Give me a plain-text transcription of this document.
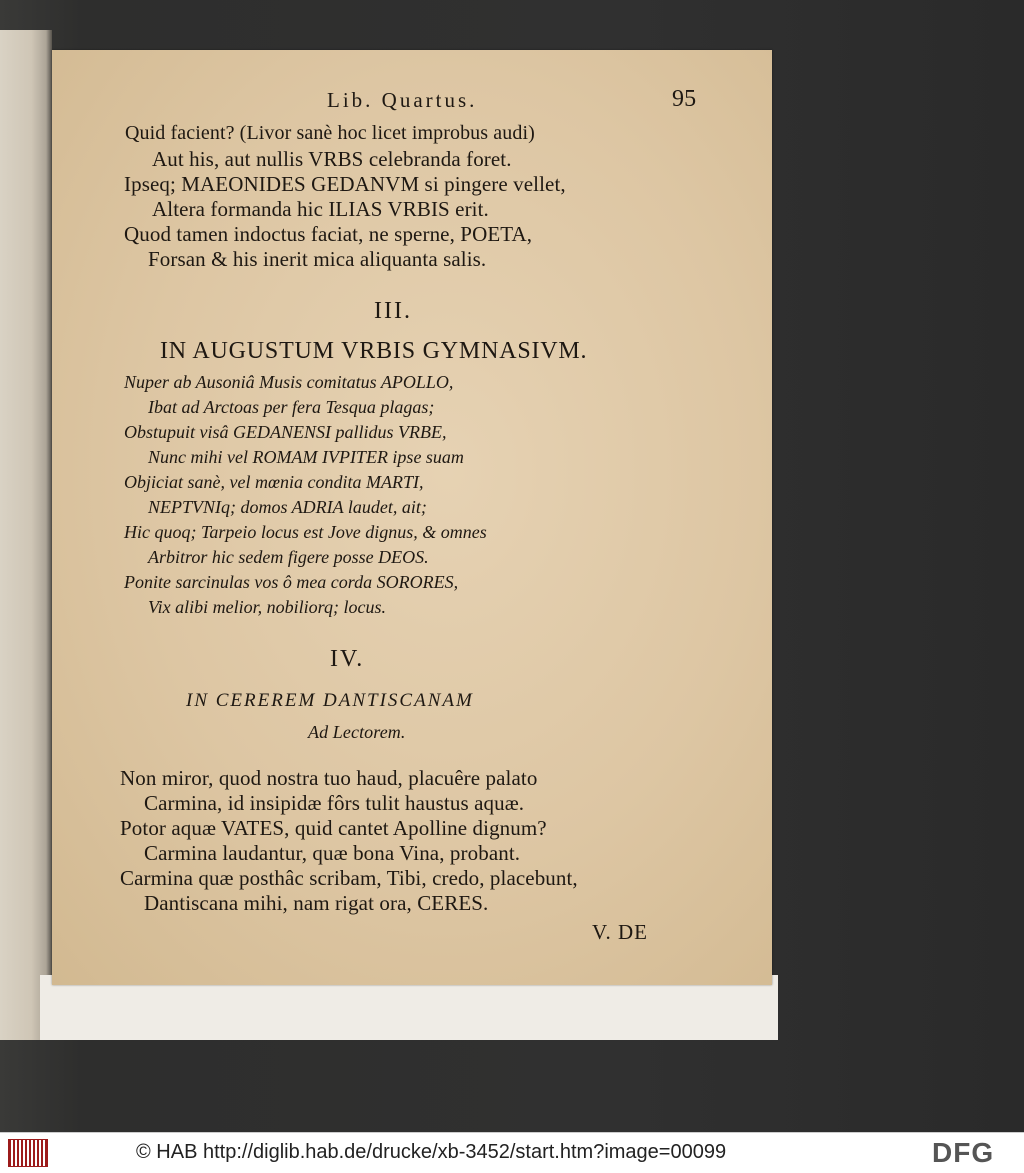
Lib. Quartus.	95
Quid facient? (Livor sanè hoc licet improbus audi)
Aut his, aut nullis VRBS celebranda foret.
Ipseq; MAEONIDES GEDANVM si pingere vellet,
Altera formanda hic ILIAS VRBIS erit.
Quod tamen indoctus faciat, ne sperne, POETA,
Forsan & his inerit mica aliquanta salis.
III.
IN AUGUSTUM VRBIS GYMNASIVM.
Nuper ab Ausoniâ Musis comitatus APOLLO,
Ibat ad Arctoas per fera Tesqua plagas;
Obstupuit visâ GEDANENSI pallidus VRBE,
Nunc mihi vel ROMAM IVPITER ipse suam
Objiciat sanè, vel mœnia condita MARTI,
NEPTVNIq; domos ADRIA laudet, ait;
Hic quoq; Tarpeio locus est Jove dignus, & omnes
Arbitror hic sedem figere posse DEOS.
Ponite sarcinulas vos ô mea corda SORORES,
Vix alibi melior, nobiliorq; locus.
IV.
IN CEREREM DANTISCANAM
Ad Lectorem.
Non miror, quod nostra tuo haud, placuêre palato
Carmina, id insipidæ fôrs tulit haustus aquæ.
Potor aquæ VATES, quid cantet Apolline dignum?
Carmina laudantur, quæ bona Vina, probant.
Carmina quæ posthâc scribam, Tibi, credo, placebunt,
Dantiscana mihi, nam rigat ora, CERES.
V. DE
© HAB http://diglib.hab.de/drucke/xb-3452/start.htm?image=00099	DFG
